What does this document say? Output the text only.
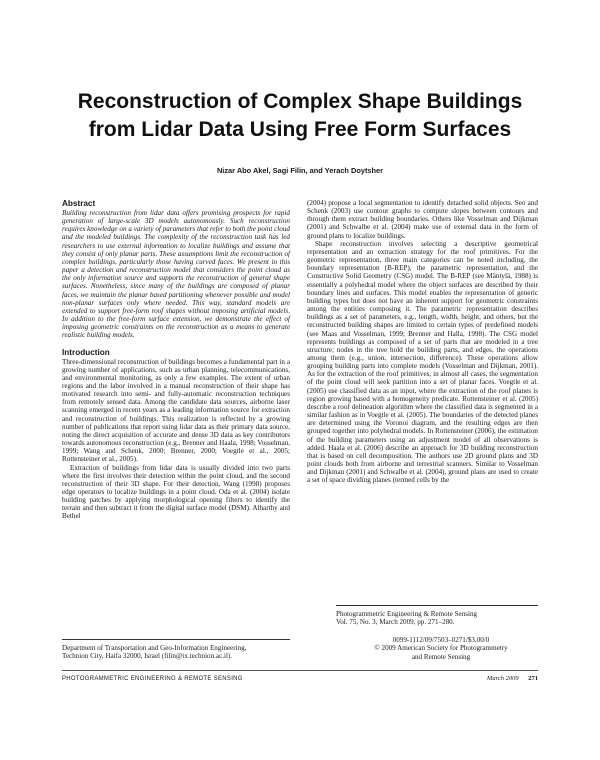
Reconstruction of Complex Shape Buildings
from Lidar Data Using Free Form Surfaces
Nizar Abo Akel, Sagi Filin, and Yerach Doytsher
Abstract

Building reconstruction from lidar data offers promising prospects for rapid generation of large-scale 3D models autonomously. Such reconstruction requires knowledge on a variety of parameters that refer to both the point cloud and the modeled buildings. The complexity of the reconstruction task has led researchers to use external information to localize buildings and assume that they consist of only planar parts. These assumptions limit the reconstruction of complex buildings, particularly those having curved faces. We present in this paper a detection and reconstruction model that considers the point cloud as the only information source and supports the reconstruction of general shape surfaces. Nonetheless, since many of the buildings are composed of planar faces, we maintain the planar based partitioning whenever possible and model non-planar surfaces only where needed. This way, standard models are extended to support free-form roof shapes without imposing artificial models. In addition to the free-form surface extension, we demonstrate the effect of imposing geometric constraints on the reconstruction as a means to generate realistic building models.

Introduction

Three-dimensional reconstruction of buildings becomes a fundamental part in a growing number of applications, such as urban planning, telecommunications, and environmental monitoring, as only a few examples. The extent of urban regions and the labor involved in a manual reconstruction of their shape has motivated research into semi- and fully-automatic reconstruction techniques from remotely sensed data. Among the candidate data sources, airborne laser scanning emerged in recent years as a leading information source for extraction and reconstruction of buildings. This realization is reflected by a growing number of publications that report using lidar data as their primary data source, noting the direct acquisition of accurate and dense 3D data as key contributors towards autonomous reconstruction (e.g., Brenner and Haala, 1998; Vosselman, 1999; Wang and Schenk, 2000; Brenner, 2000; Voegtle et al., 2005; Rottensteiner et al., 2005).

Extraction of buildings from lidar data is usually divided into two parts where the first involves their detection within the point cloud, and the second reconstruction of their 3D shape. For their detection, Wang (1998) proposes edge operators to localize buildings in a point cloud. Oda et al. (2004) isolate building patches by applying morphological opening filters to identify the terrain and then subtract it from the digital surface model (DSM). Alharthy and Bethel

(2004) propose a local segmentation to identify detached solid objects. Seo and Schenk (2003) use contour graphs to compute slopes between contours and through them extract building boundaries. Others like Vosselman and Dijkman (2001) and Schwalbe et al. (2004) make use of external data in the form of ground plans to localize buildings.

Shape reconstruction involves selecting a descriptive geometrical representation and an extraction strategy for the roof primitives. For the geometric representation, three main categories can be noted including, the boundary representation (B-REP), the parametric representation, and the Constructive Solid Geometry (CSG) model. The B-REP (see Mäntylä, 1988) is essentially a polyhedral model where the object surfaces are described by their boundary lines and surfaces. This model enables the representation of generic building types but does not have an inherent support for geometric constraints among the entities composing it. The parametric representation describes buildings as a set of parameters, e.g., length, width, height, and others, but the reconstructed building shapes are limited to certain types of predefined models (see Maas and Vosselman, 1999; Brenner and Halla, 1998). The CSG model represents buildings as composed of a set of parts that are modeled in a tree structure; nodes in the tree hold the building parts, and edges, the operations among them (e.g., union, intersection, difference). These operations allow grouping building parts into complete models (Vosselman and Dijkman, 2001). As for the extraction of the roof primitives, in almost all cases, the segmentation of the point cloud will seek partition into a set of planar faces. Voegtle et al. (2005) use classified data as an input, where the extraction of the roof planes is region growing based with a homogeneity predicate. Rottensteiner et al. (2005) describe a roof delineation algorithm where the classified data is segmented in a similar fashion as in Voegtle et al. (2005). The boundaries of the detected planes are determined using the Voronoi diagram, and the resulting edges are then grouped together into polyhedral models. In Rottensteiner (2006), the estimation of the building parameters using an adjustment model of all observations is added. Haala et al. (2006) describe an approach for 3D building reconstruction that is based on cell decomposition. The authors use 2D ground plans and 3D point clouds both from airborne and terrestrial scanners. Similar to Vosselman and Dijkman (2001) and Schwalbe et al. (2004), ground plans are used to create a set of space dividing planes (termed cells by the

Photogrammetric Engineering & Remote Sensing
Vol. 75, No. 3, March 2009, pp. 271–280.
0099-1112/09/7503–0271/$3.00/0
© 2009 American Society for Photogrammetry
and Remote Sensing
Department of Transportation and Geo-Information Engineering,
Technion City, Haifa 32000, Israel (filin@tx.technion.ac.il).
PHOTOGRAMMETRIC ENGINEERING & REMOTE SENSING	March 2009 271
